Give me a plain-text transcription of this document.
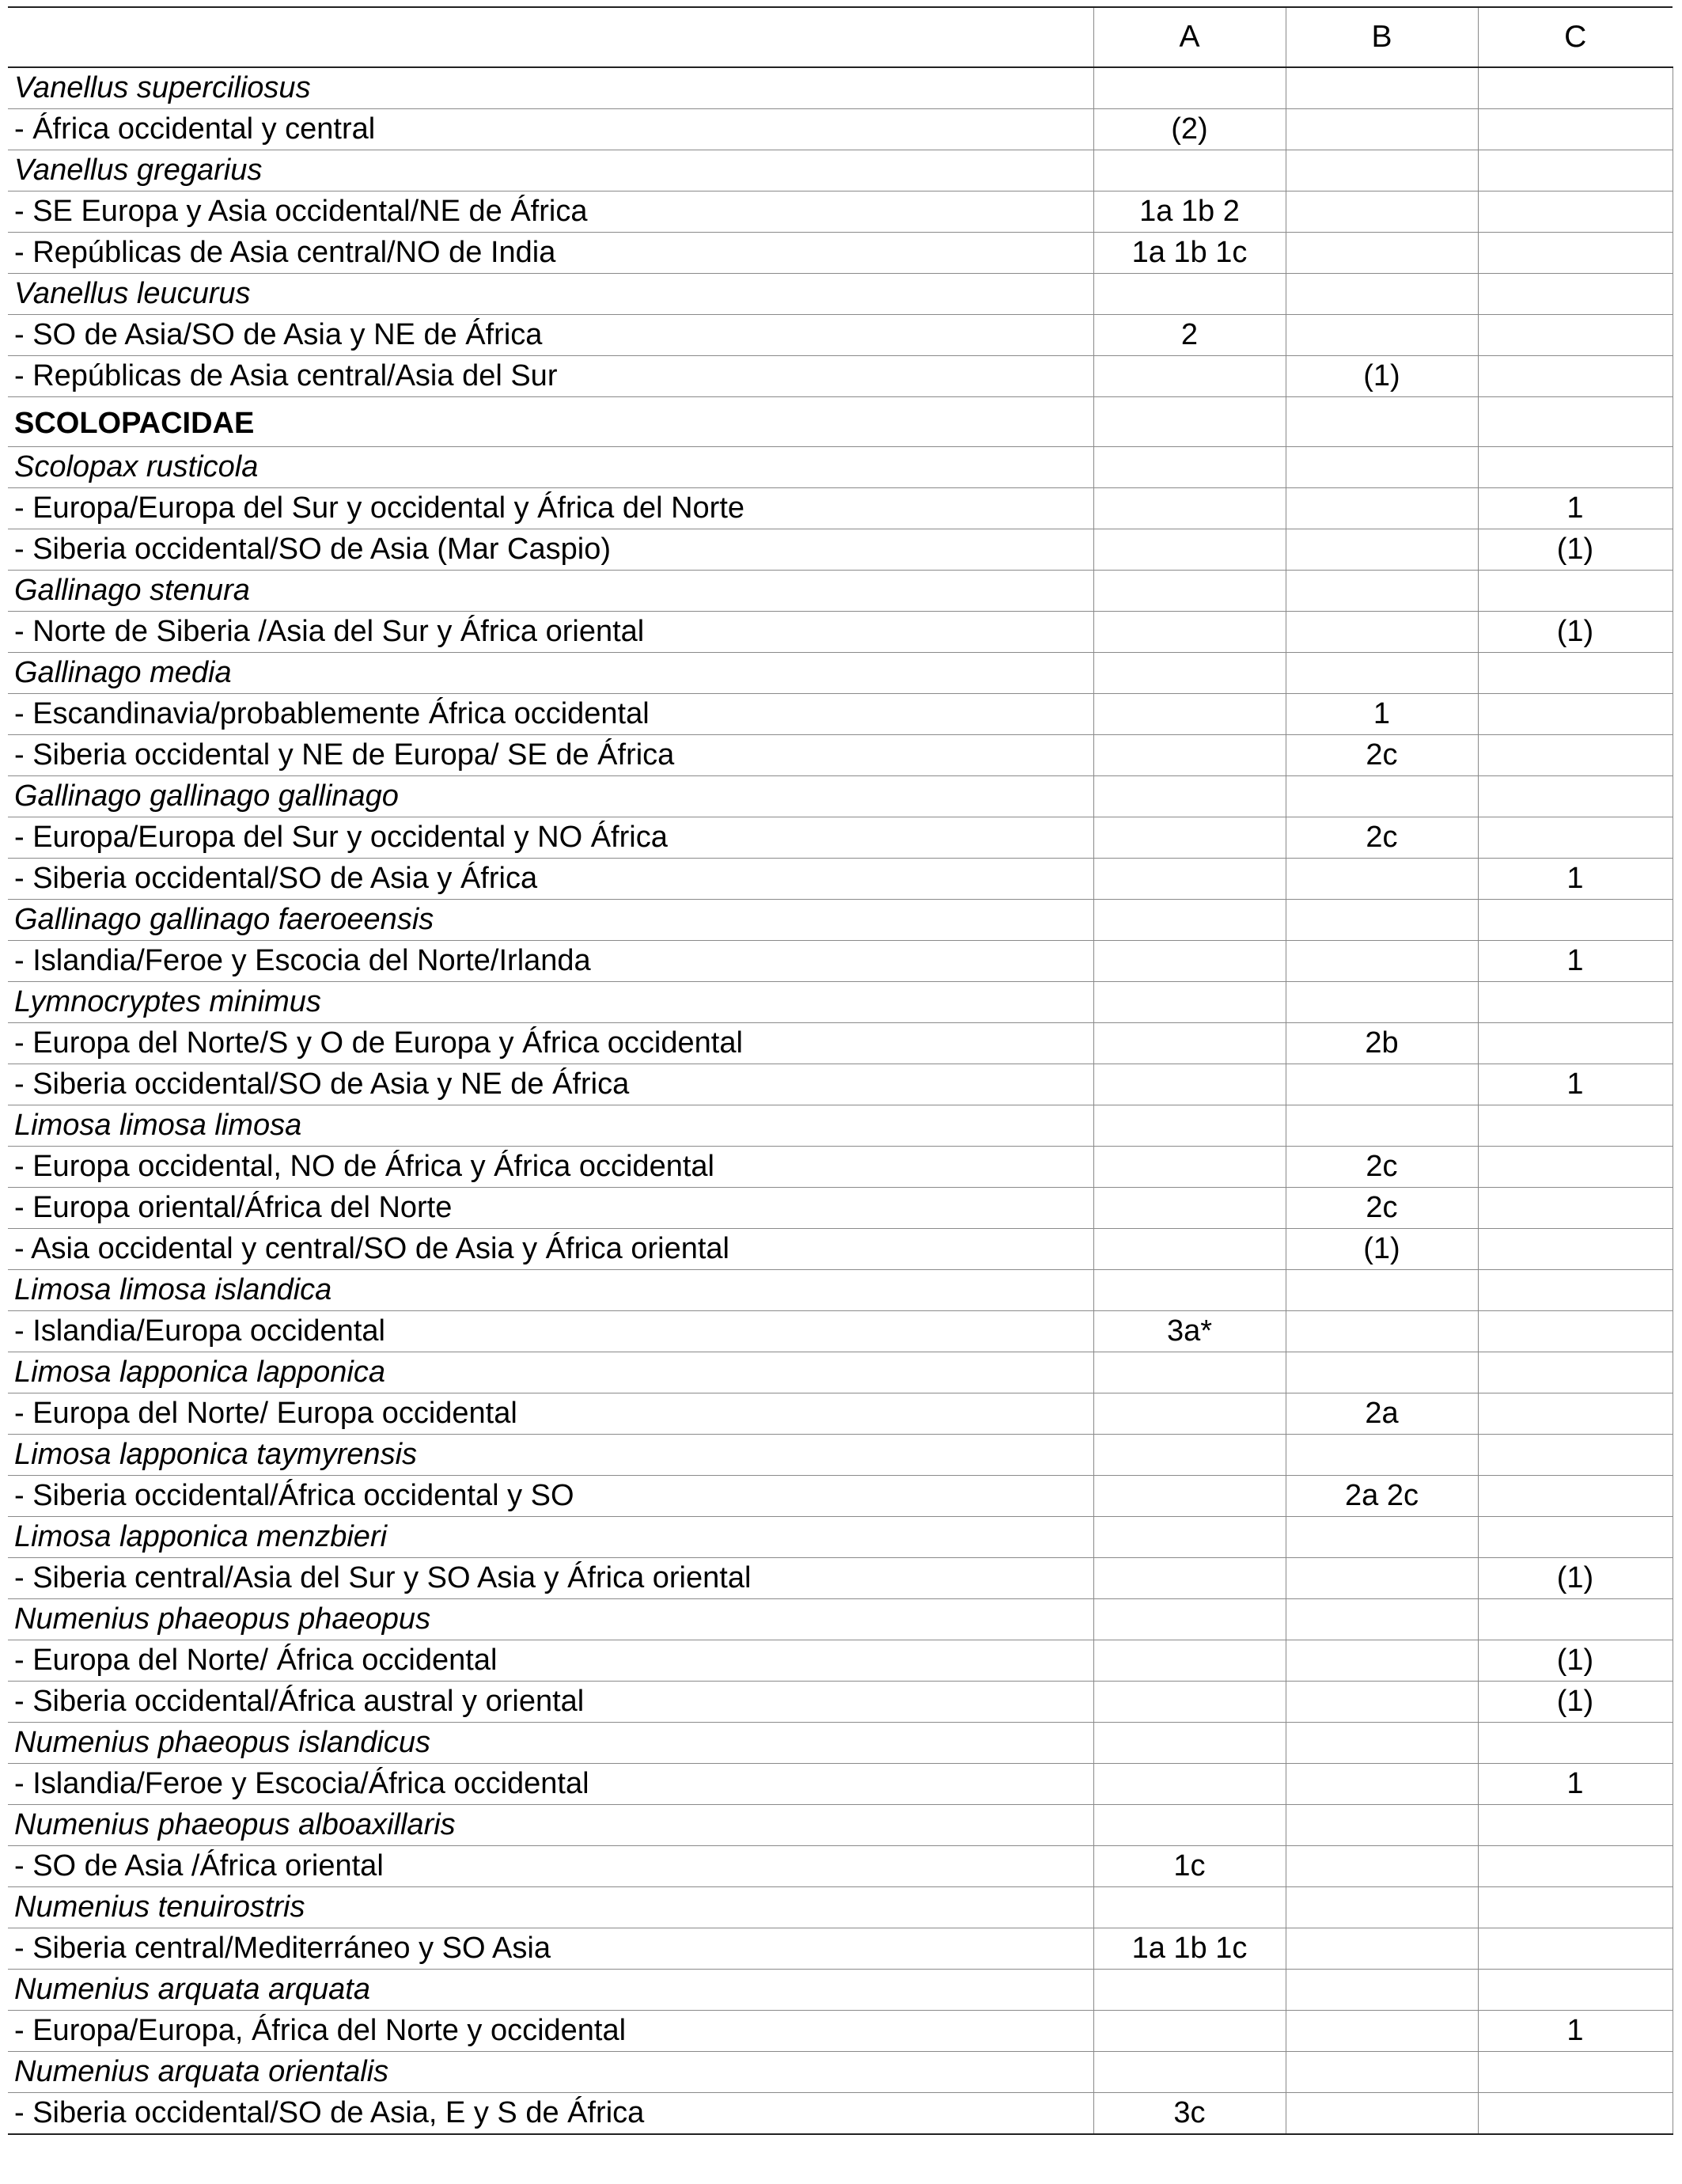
	A	B	C
Vanellus superciliosus			
- África occidental y central	(2)		
Vanellus gregarius			
- SE Europa y Asia occidental/NE de África	1a 1b 2		
- Repúblicas de Asia central/NO de India	1a 1b 1c		
Vanellus leucurus			
- SO de Asia/SO de Asia y NE de África	2		
- Repúblicas de Asia central/Asia del Sur		(1)	
SCOLOPACIDAE			
Scolopax rusticola			
- Europa/Europa del Sur y occidental y África del Norte			1
- Siberia occidental/SO de Asia (Mar Caspio)			(1)
Gallinago stenura			
- Norte de Siberia /Asia del Sur y África oriental			(1)
Gallinago media			
- Escandinavia/probablemente África occidental		1	
- Siberia occidental y NE de Europa/ SE de África		2c	
Gallinago gallinago gallinago			
- Europa/Europa del Sur y occidental y NO África		2c	
- Siberia occidental/SO de Asia y África			1
Gallinago gallinago faeroeensis			
- Islandia/Feroe y Escocia del Norte/Irlanda			1
Lymnocryptes minimus			
- Europa del Norte/S y O de Europa y África occidental		2b	
- Siberia occidental/SO de Asia y NE de África			1
Limosa limosa limosa			
- Europa occidental, NO de África y África occidental		2c	
- Europa oriental/África del Norte		2c	
- Asia occidental y central/SO de Asia y África oriental		(1)	
Limosa limosa islandica			
- Islandia/Europa occidental	3a*		
Limosa lapponica lapponica			
- Europa del Norte/ Europa occidental		2a	
Limosa lapponica taymyrensis			
- Siberia occidental/África occidental y SO		2a 2c	
Limosa lapponica menzbieri			
- Siberia central/Asia del Sur y SO Asia y África oriental			(1)
Numenius phaeopus phaeopus			
- Europa del Norte/ África occidental			(1)
- Siberia occidental/África austral y oriental			(1)
Numenius phaeopus islandicus			
- Islandia/Feroe y Escocia/África occidental			1
Numenius phaeopus alboaxillaris			
- SO de Asia /África oriental	1c		
Numenius tenuirostris			
- Siberia central/Mediterráneo y SO Asia	1a 1b 1c		
Numenius arquata arquata			
- Europa/Europa, África del Norte y occidental			1
Numenius arquata orientalis			
- Siberia occidental/SO de Asia, E y S de África	3c		
